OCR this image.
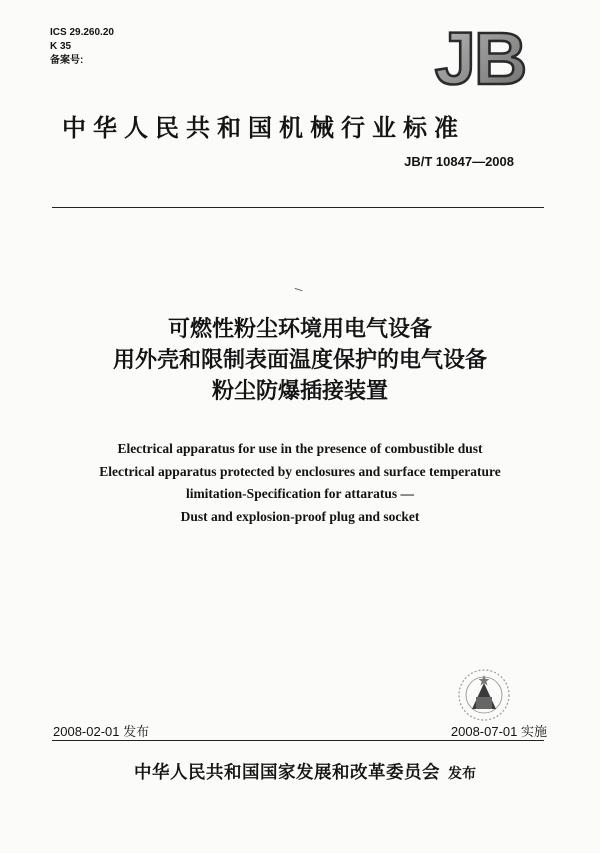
ICS 29.260.20
K 35
备案号:	JB
中华人民共和国机械行业标准
JB/T 10847—2008
可燃性粉尘环境用电气设备
用外壳和限制表面温度保护的电气设备
粉尘防爆插接装置
Electrical apparatus for use in the presence of combustible dust
Electrical apparatus protected by enclosures and surface temperature
limitation-Specification for attaratus —
Dust and explosion-proof plug and socket
2008-02-01 发布	2008-07-01 实施
中华人民共和国国家发展和改革委员会 发布
